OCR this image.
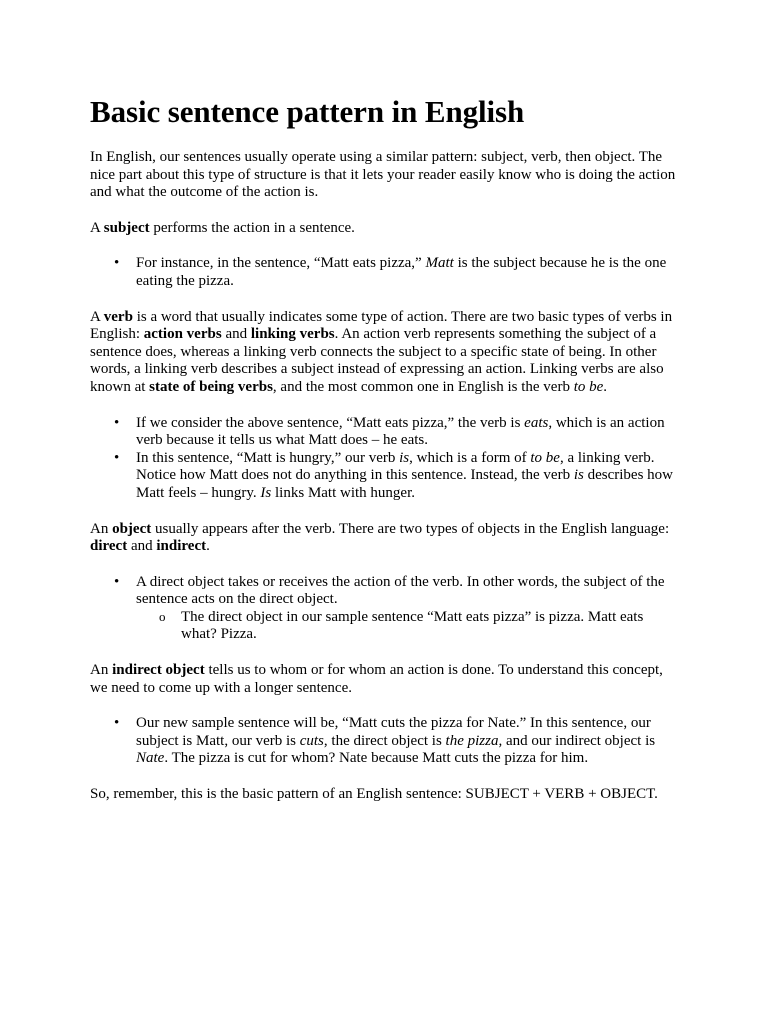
Basic sentence pattern in English

In English, our sentences usually operate using a similar pattern: subject, verb, then object. The nice part about this type of structure is that it lets your reader easily know who is doing the action and what the outcome of the action is.

A subject performs the action in a sentence.

• For instance, in the sentence, “Matt eats pizza,” Matt is the subject because he is the one eating the pizza.

A verb is a word that usually indicates some type of action. There are two basic types of verbs in English: action verbs and linking verbs. An action verb represents something the subject of a sentence does, whereas a linking verb connects the subject to a specific state of being. In other words, a linking verb describes a subject instead of expressing an action. Linking verbs are also known at state of being verbs, and the most common one in English is the verb to be.

• If we consider the above sentence, “Matt eats pizza,” the verb is eats, which is an action verb because it tells us what Matt does – he eats.
• In this sentence, “Matt is hungry,” our verb is, which is a form of to be, a linking verb. Notice how Matt does not do anything in this sentence. Instead, the verb is describes how Matt feels – hungry. Is links Matt with hunger.

An object usually appears after the verb. There are two types of objects in the English language: direct and indirect.

• A direct object takes or receives the action of the verb. In other words, the subject of the sentence acts on the direct object.
o The direct object in our sample sentence “Matt eats pizza” is pizza. Matt eats what? Pizza.

An indirect object tells us to whom or for whom an action is done. To understand this concept, we need to come up with a longer sentence.

• Our new sample sentence will be, “Matt cuts the pizza for Nate.” In this sentence, our subject is Matt, our verb is cuts, the direct object is the pizza, and our indirect object is Nate. The pizza is cut for whom? Nate because Matt cuts the pizza for him.

So, remember, this is the basic pattern of an English sentence: SUBJECT + VERB + OBJECT.
